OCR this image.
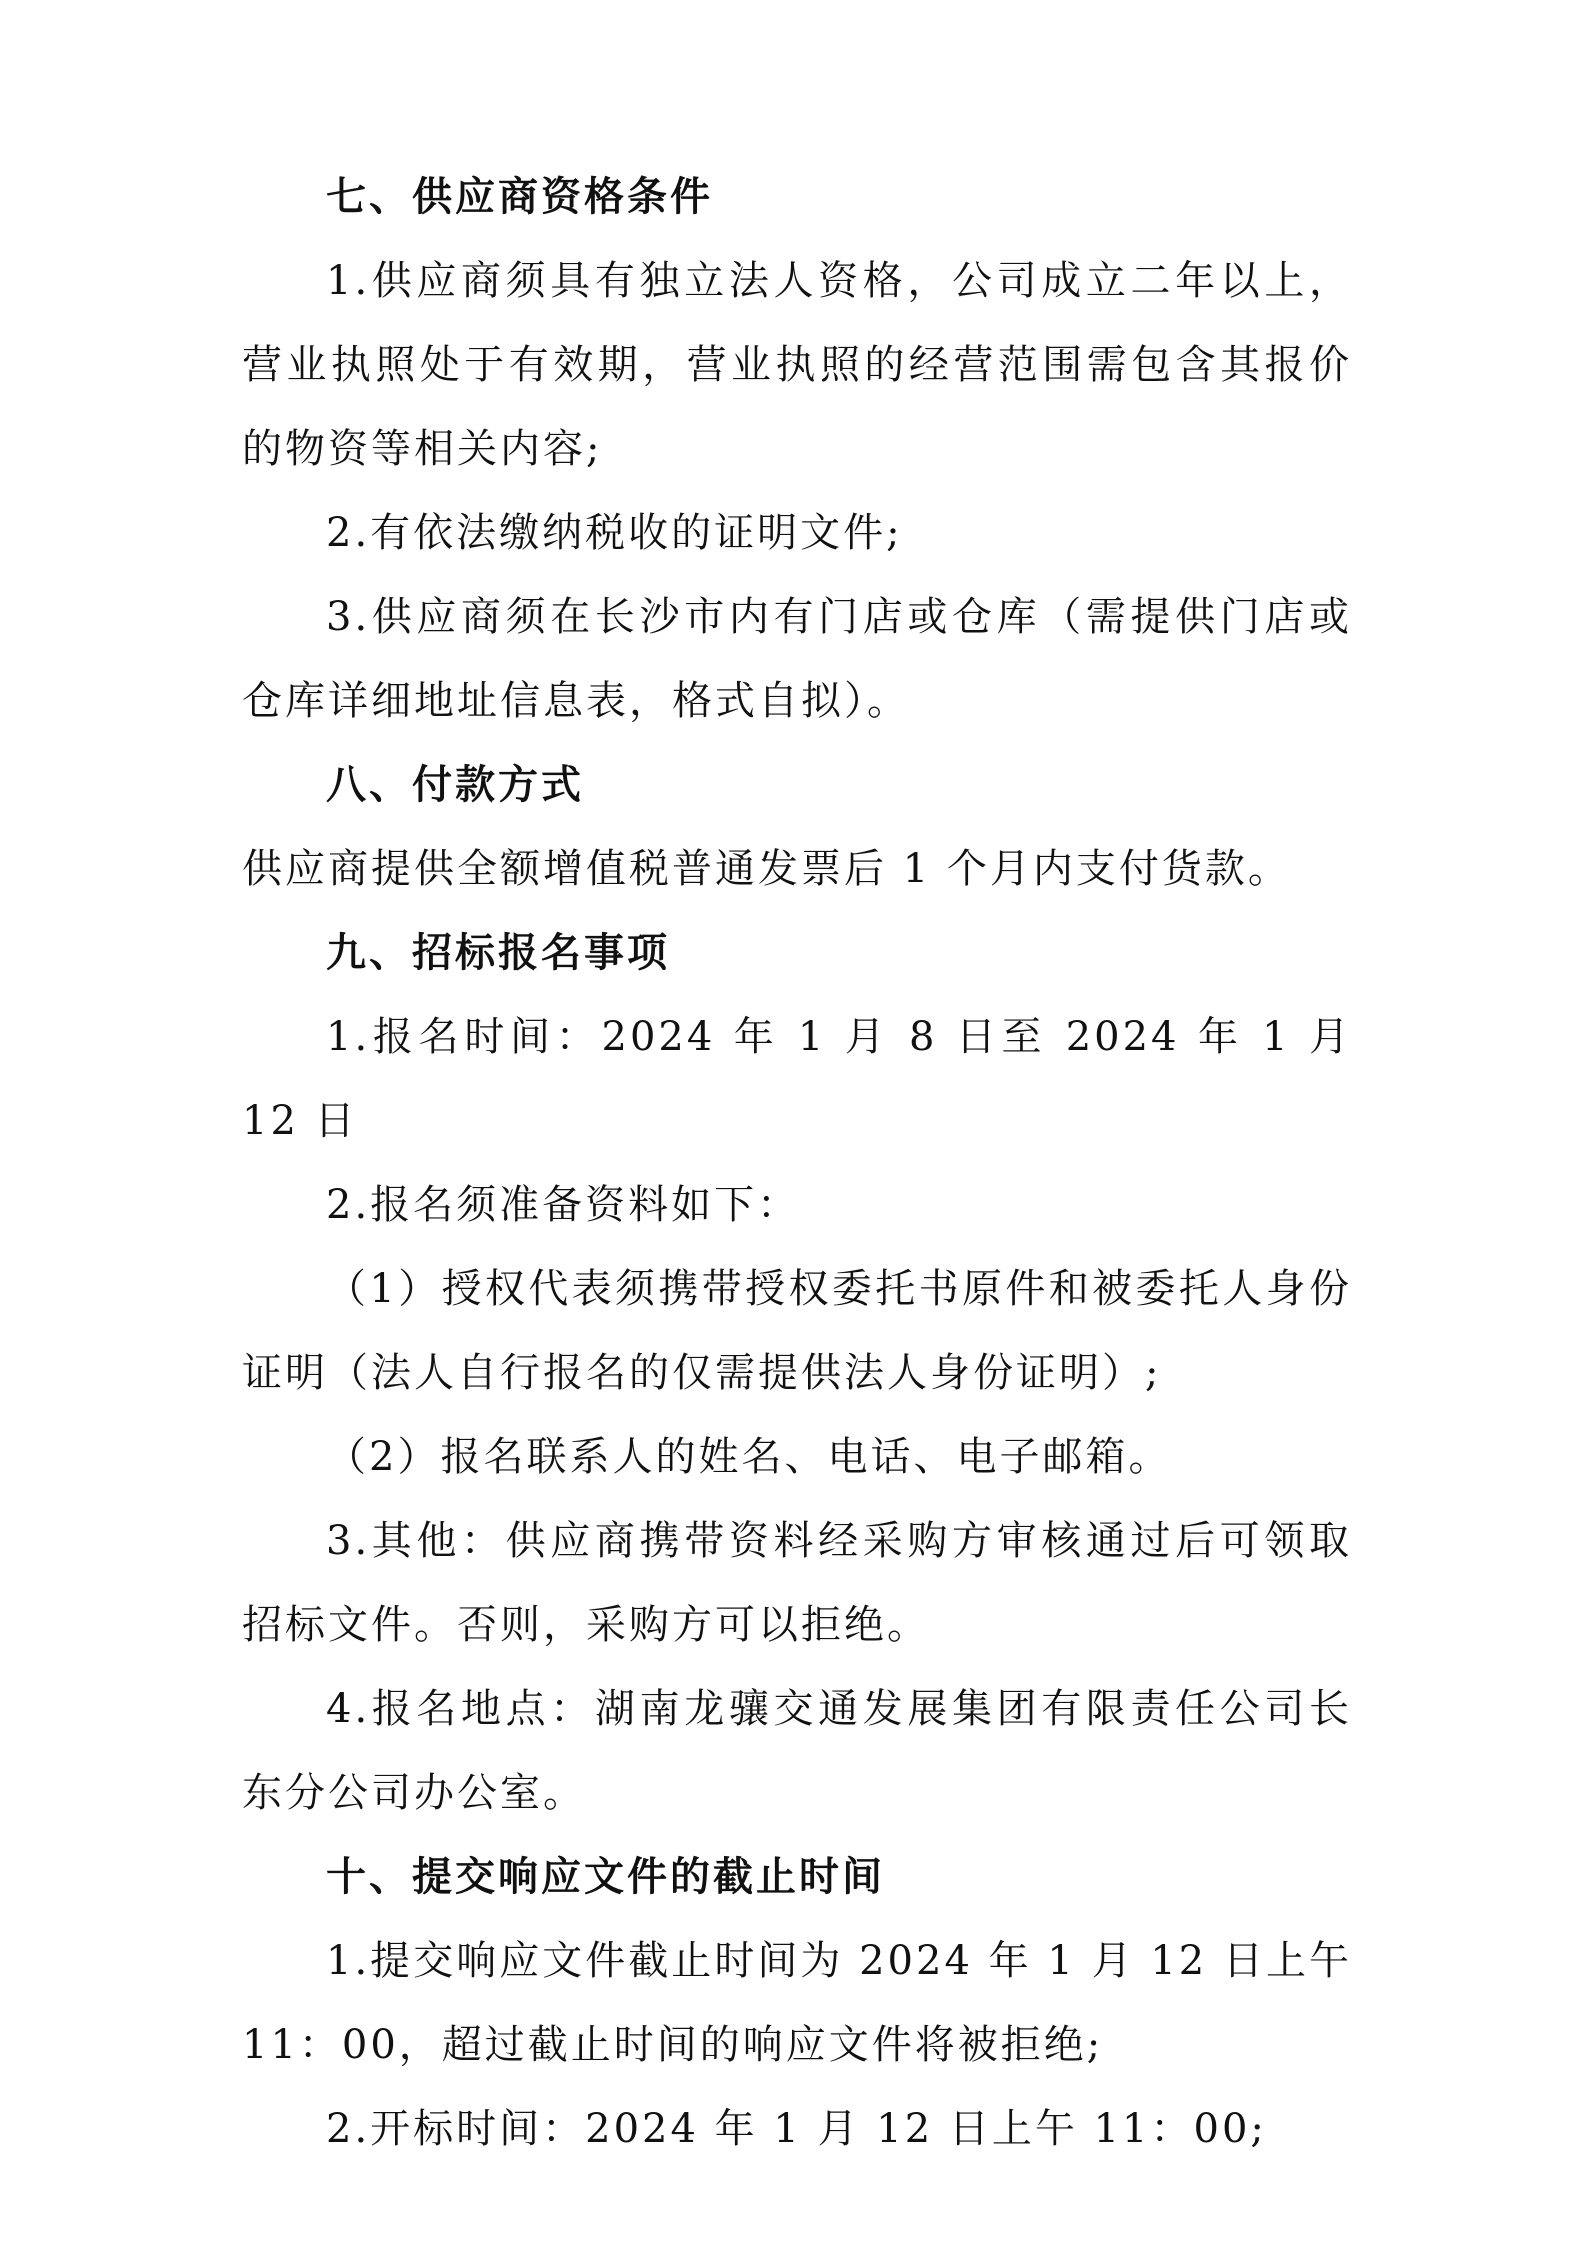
七、供应商资格条件

1.供应商须具有独立法人资格，公司成立二年以上，营业执照处于有效期，营业执照的经营范围需包含其报价的物资等相关内容;

2.有依法缴纳税收的证明文件;

3.供应商须在长沙市内有门店或仓库（需提供门店或仓库详细地址信息表，格式自拟）。

八、付款方式

供应商提供全额增值税普通发票后 1 个月内支付货款。

九、招标报名事项

1.报名时间：2024 年 1 月 8 日至 2024 年 1 月 12 日

2.报名须准备资料如下：

（1）授权代表须携带授权委托书原件和被委托人身份证明（法人自行报名的仅需提供法人身份证明）;

（2）报名联系人的姓名、电话、电子邮箱。

3.其他：供应商携带资料经采购方审核通过后可领取招标文件。否则，采购方可以拒绝。

4.报名地点：湖南龙骧交通发展集团有限责任公司长东分公司办公室。

十、提交响应文件的截止时间

1.提交响应文件截止时间为 2024 年 1 月 12 日上午 11：00，超过截止时间的响应文件将被拒绝;

2.开标时间：2024 年 1 月 12 日上午 11：00;
